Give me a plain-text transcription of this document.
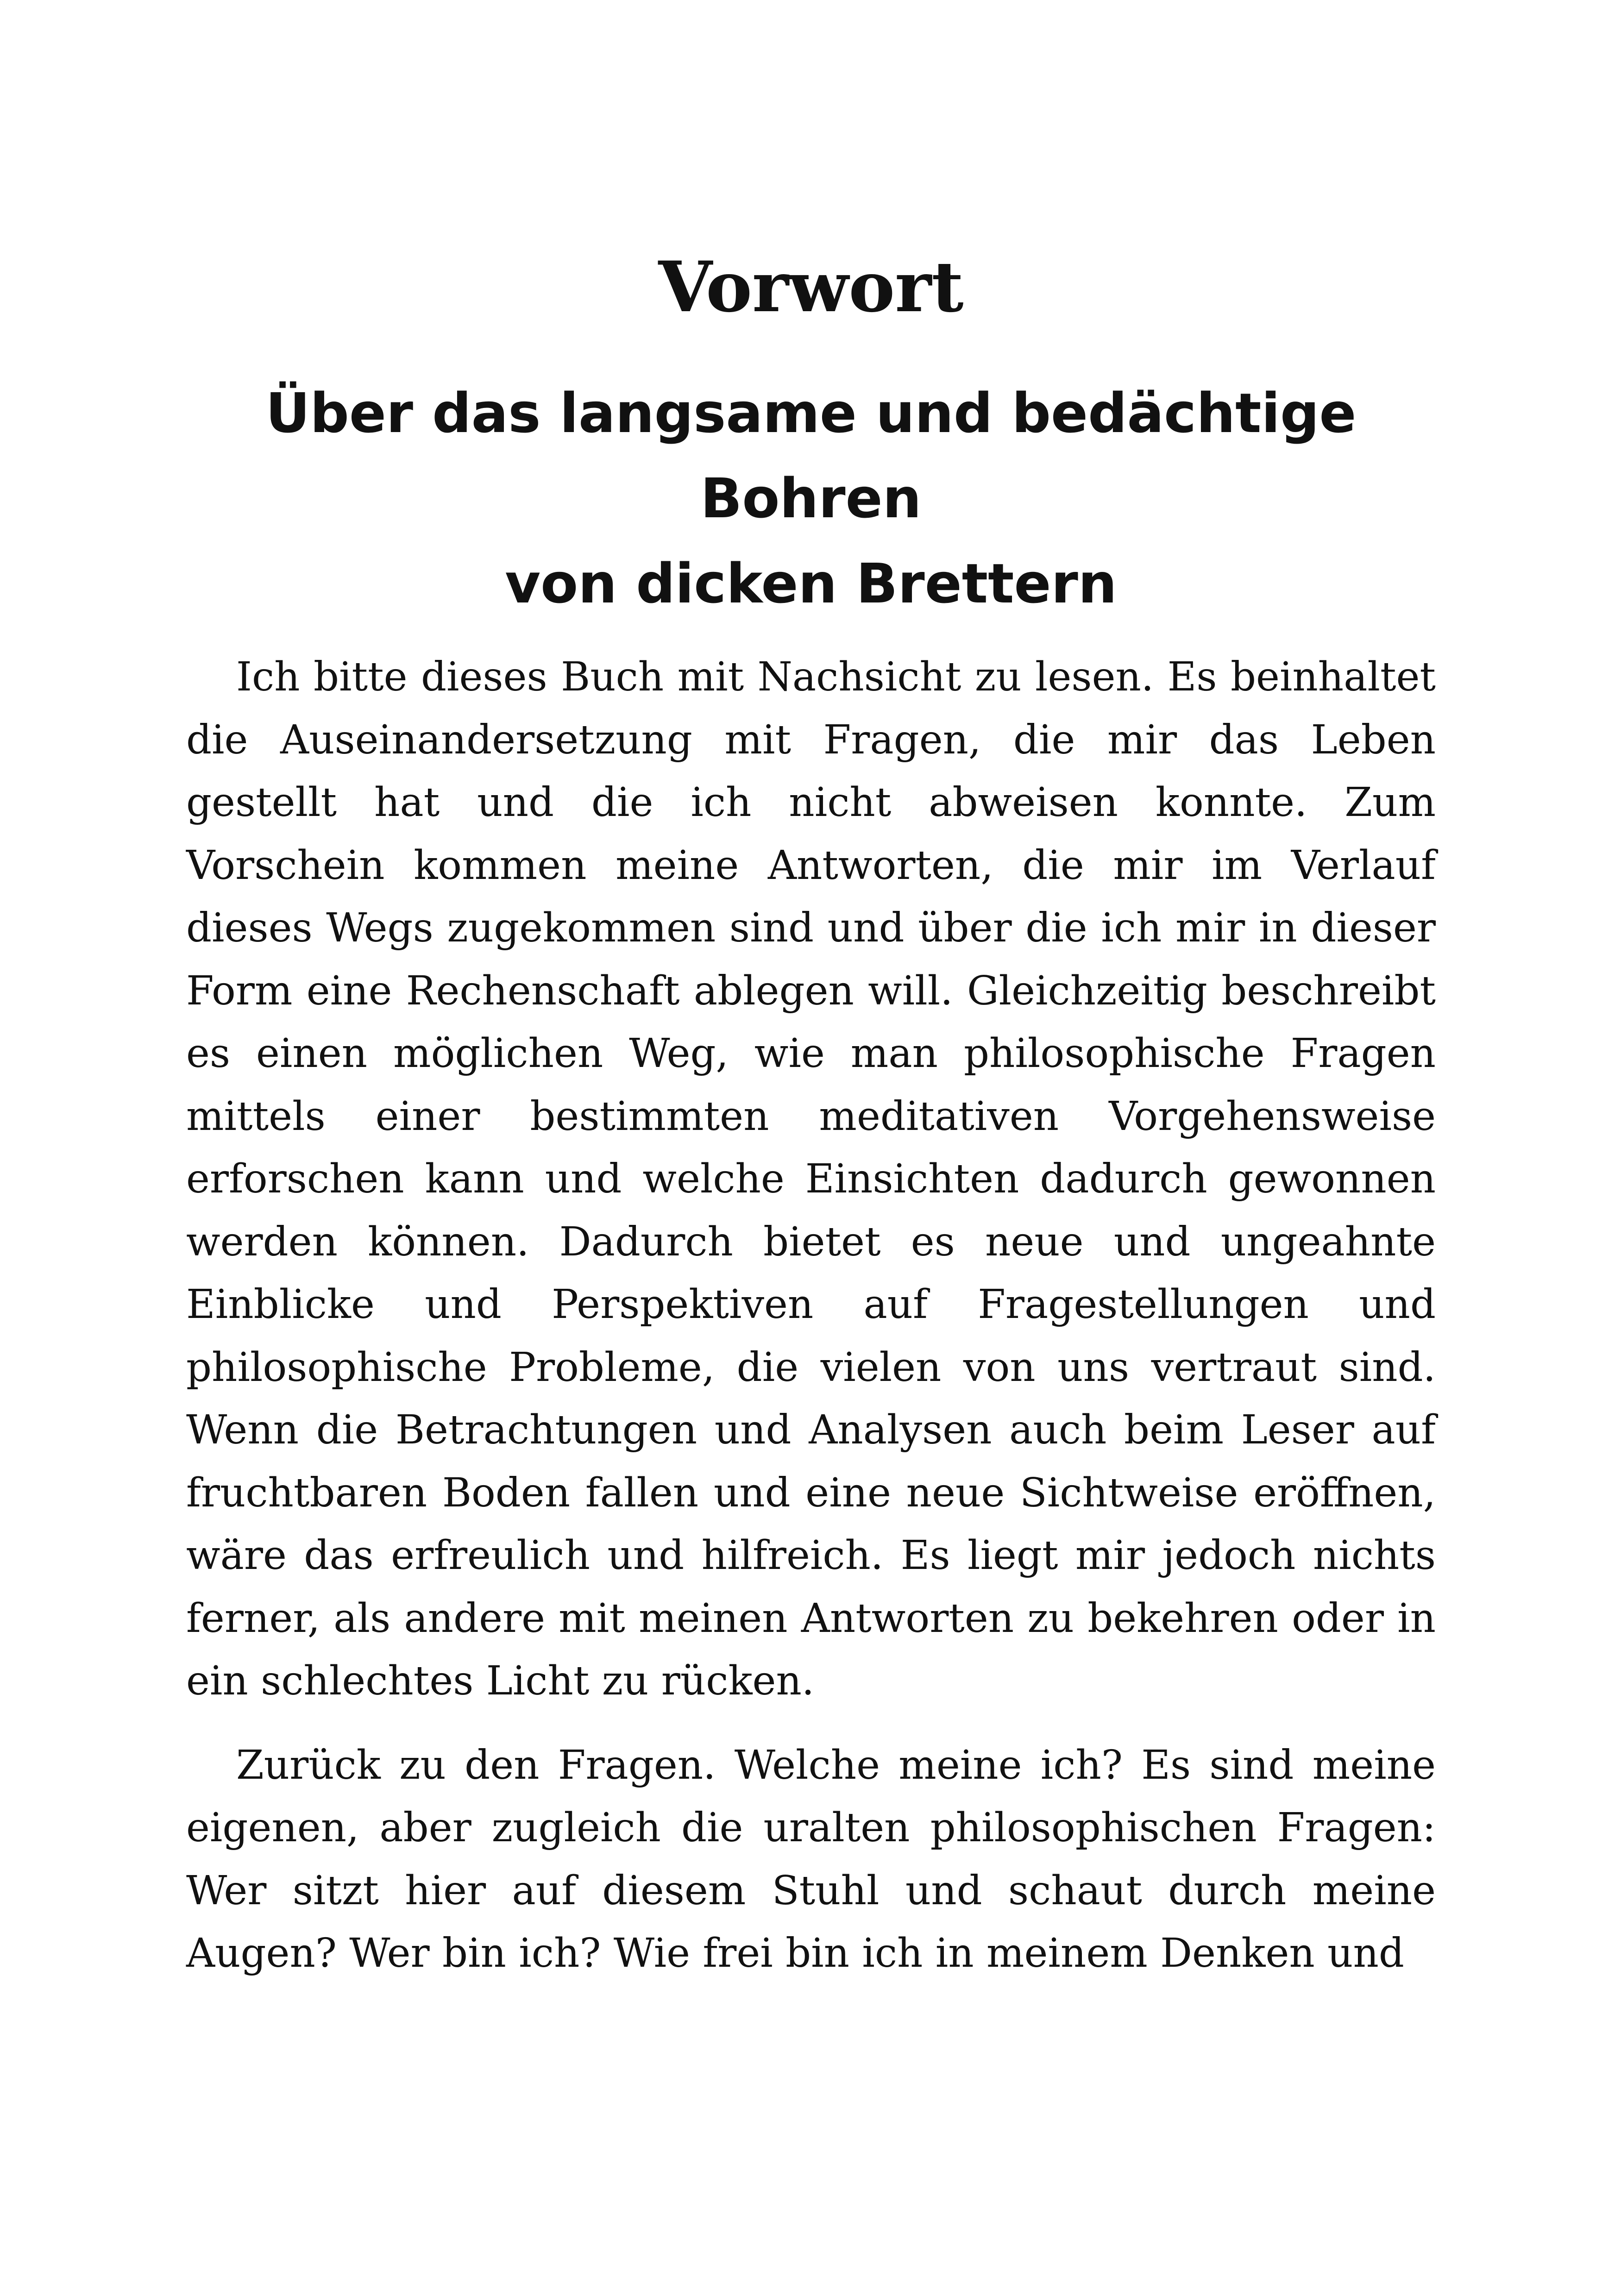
Vorwort
Über das langsame und bedächtige Bohren
von dicken Brettern

Ich bitte dieses Buch mit Nachsicht zu lesen. Es beinhaltet die Auseinandersetzung mit Fragen, die mir das Leben gestellt hat und die ich nicht abweisen konnte. Zum Vorschein kommen meine Antworten, die mir im Verlauf dieses Wegs zugekommen sind und über die ich mir in dieser Form eine Rechenschaft ablegen will. Gleichzeitig beschreibt es einen möglichen Weg, wie man philosophische Fragen mittels einer bestimmten meditativen Vorgehensweise erforschen kann und welche Einsichten dadurch gewonnen werden können. Dadurch bietet es neue und ungeahnte Einblicke und Perspektiven auf Fragestellungen und philosophische Probleme, die vielen von uns vertraut sind. Wenn die Betrachtungen und Analysen auch beim Leser auf fruchtbaren Boden fallen und eine neue Sichtweise eröffnen, wäre das erfreulich und hilfreich. Es liegt mir jedoch nichts ferner, als andere mit meinen Antworten zu bekehren oder in ein schlechtes Licht zu rücken.

Zurück zu den Fragen. Welche meine ich? Es sind meine eigenen, aber zugleich die uralten philosophischen Fragen: Wer sitzt hier auf diesem Stuhl und schaut durch meine Augen? Wer bin ich? Wie frei bin ich in meinem Denken und
